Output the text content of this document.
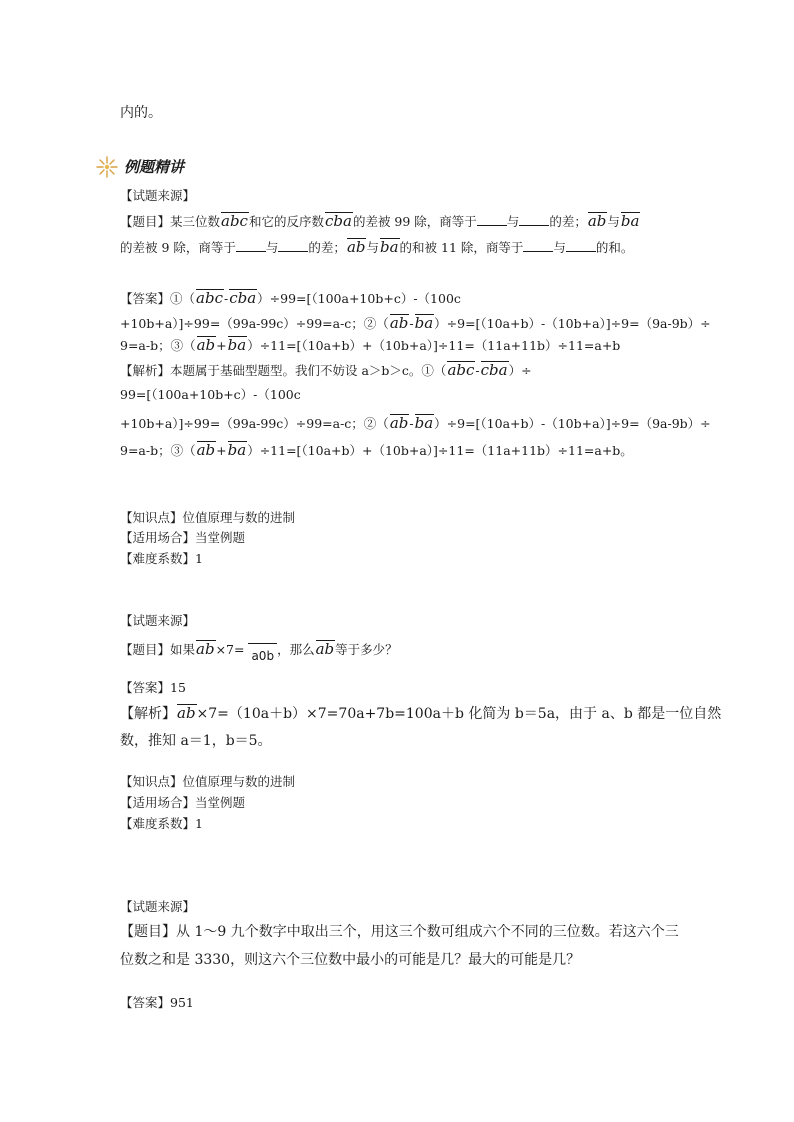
内的。
例题精讲
【试题来源】
【题目】某三位数abc和它的反序数cba的差被 99 除，商等于 与 的差；ab与ba
的差被 9 除，商等于 与 的差；ab与ba的和被 11 除，商等于 与 的和。
【答案】①（abc-cba）÷99=[（100a+10b+c）-（100c
+10b+a）]÷99=（99a-99c）÷99=a-c；②（ab-ba）÷9=[（10a+b）-（10b+a）]÷9=（9a-9b）÷
9=a-b；③（ab+ba）÷11=[（10a+b）+（10b+a）]÷11=（11a+11b）÷11=a+b
【解析】本题属于基础型题型。我们不妨设 a＞b＞c。①（abc-cba）÷
99=[（100a+10b+c）-（100c
+10b+a）]÷99=（99a-99c）÷99=a-c；②（ab-ba）÷9=[（10a+b）-（10b+a）]÷9=（9a-9b）÷
9=a-b；③（ab+ba）÷11=[（10a+b）+（10b+a）]÷11=（11a+11b）÷11=a+b。
【知识点】位值原理与数的进制
【适用场合】当堂例题
【难度系数】1
【试题来源】
【题目】如果ab×7= a0b ，那么ab等于多少？
【答案】15
【解析】ab×7=（10a＋b）×7=70a+7b=100a＋b 化简为 b＝5a，由于 a、b 都是一位自然
数，推知 a＝1，b＝5。
【知识点】位值原理与数的进制
【适用场合】当堂例题
【难度系数】1
【试题来源】
【题目】从 1～9 九个数字中取出三个，用这三个数可组成六个不同的三位数。若这六个三
位数之和是 3330，则这六个三位数中最小的可能是几？最大的可能是几？
【答案】951
